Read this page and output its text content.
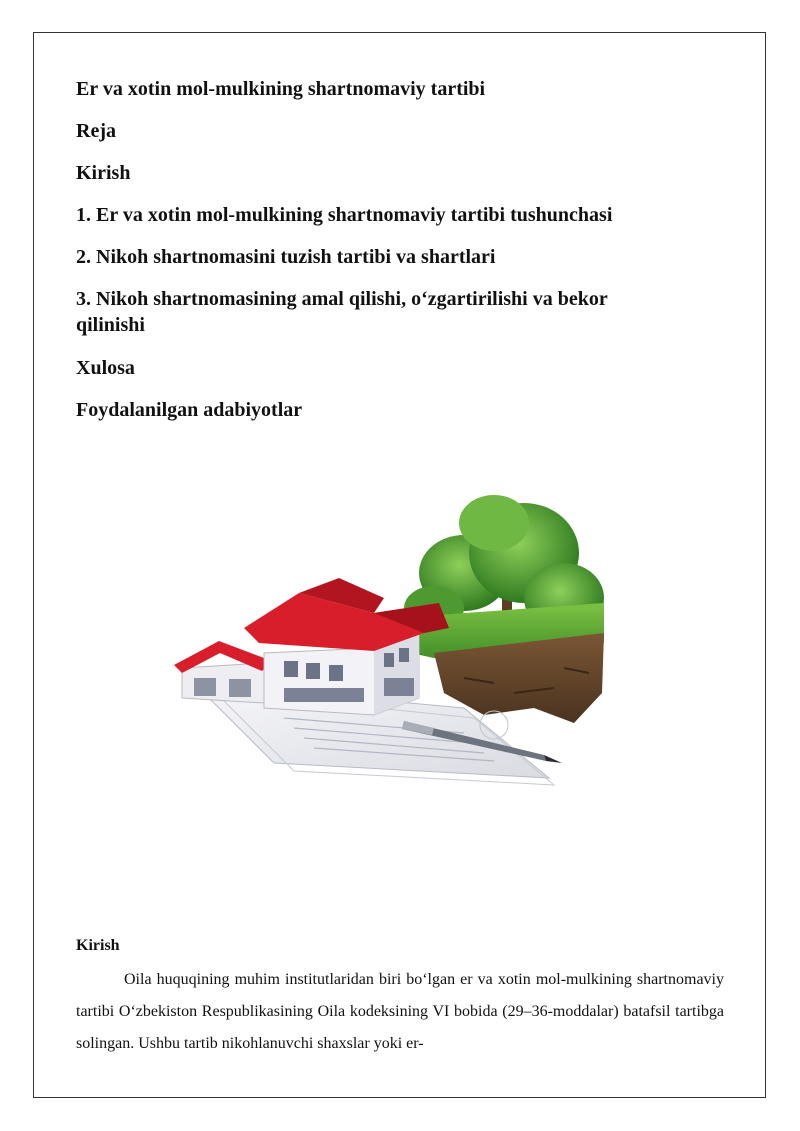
Er va xotin mol-mulkining shartnomaviy tartibi

Reja

Kirish

1. Er va xotin mol-mulkining shartnomaviy tartibi tushunchasi

2. Nikoh shartnomasini tuzish tartibi va shartlari

3. Nikoh shartnomasining amal qilishi, o‘zgartirilishi va bekor qilinishi

Xulosa

Foydalanilgan adabiyotlar

Kirish

Oila huquqining muhim institutlaridan biri bo‘lgan er va xotin mol-mulkining shartnomaviy tartibi O‘zbekiston Respublikasining Oila kodeksining VI bobida (29–36-moddalar) batafsil tartibga solingan. Ushbu tartib nikohlanuvchi shaxslar yoki er-
